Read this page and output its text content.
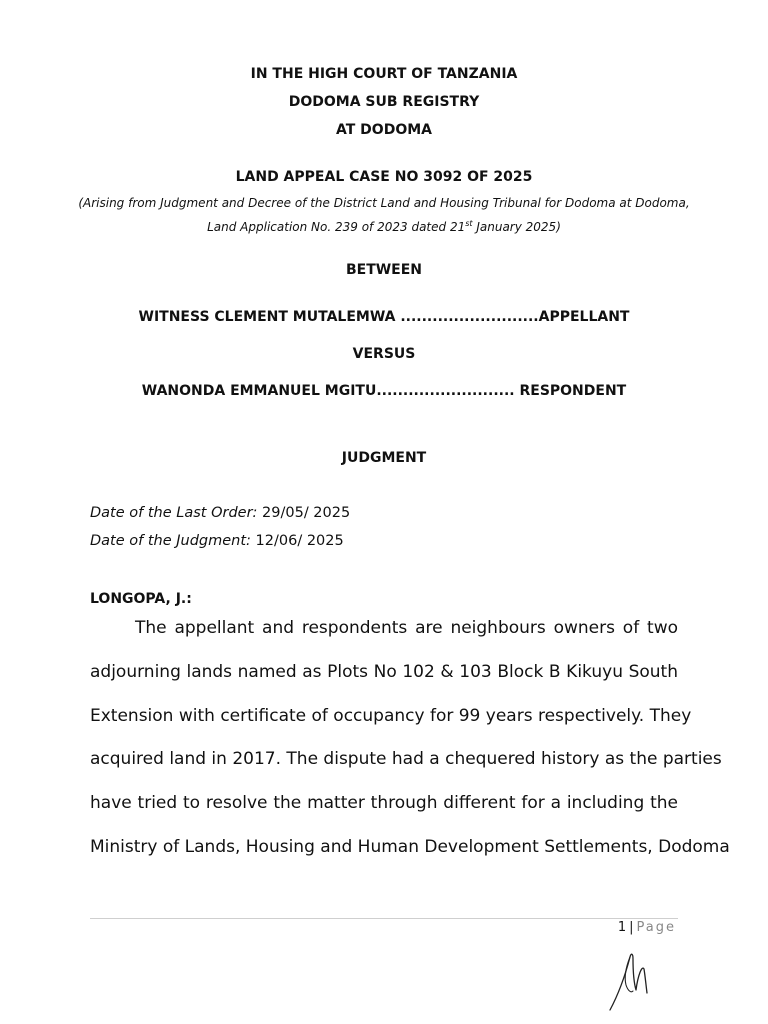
IN THE HIGH COURT OF TANZANIA
DODOMA SUB REGISTRY
AT DODOMA
LAND APPEAL CASE NO 3092 OF 2025
(Arising from Judgment and Decree of the District Land and Housing Tribunal for Dodoma at Dodoma,
Land Application No. 239 of 2023 dated 21st January 2025)
BETWEEN
WITNESS CLEMENT MUTALEMWA ..........................APPELLANT
VERSUS
WANONDA EMMANUEL MGITU.......................... RESPONDENT
JUDGMENT
Date of the Last Order: 29/05/ 2025
Date of the Judgment: 12/06/ 2025
LONGOPA, J.:
The appellant and respondents are neighbours owners of two
adjourning lands named as Plots No 102 & 103 Block B Kikuyu South
Extension with certificate of occupancy for 99 years respectively. They
acquired land in 2017. The dispute had a chequered history as the parties
have tried to resolve the matter through different for a including the
Ministry of Lands, Housing and Human Development Settlements, Dodoma
1 | Page
